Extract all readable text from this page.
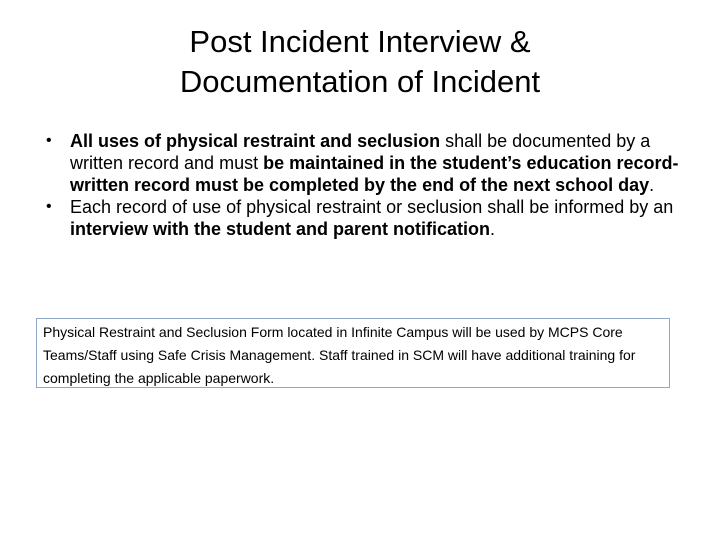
Post Incident Interview &
Documentation of Incident
•	All uses of physical restraint and seclusion shall be documented by a written record and must be maintained in the student’s education record- written record must be completed by the end of the next school day.
•	Each record of use of physical restraint or seclusion shall be informed by an interview with the student and parent notification.
Physical Restraint and Seclusion Form located in Infinite Campus will be used by MCPS Core Teams/Staff using Safe Crisis Management. Staff trained in SCM will have additional training for completing the applicable paperwork.
